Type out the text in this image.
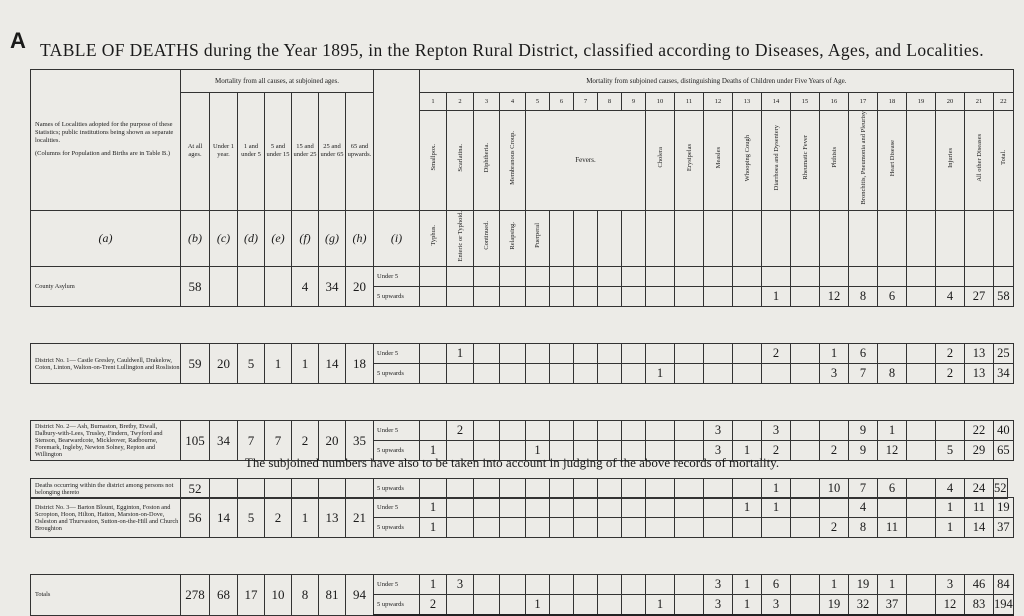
A TABLE OF DEATHS during the Year 1895, in the Repton Rural District, classified according to Diseases, Ages, and Localities.
Names of Localities adopted for the purpose of these Statistics; public institutions being shown as separate localities.
(Columns for Population and Births are in Table B.)	Mortality from all causes, at subjoined ages.								Mortality from subjoined causes, distinguishing Deaths of Children under Five Years of Age.																					
	At all ages.	Under 1 year.	1 and under 5	5 and under 15	15 and under 25	25 and under 65	65 and upwards.		1	2	3	4	5	6	7	8	9	10	11	12	13	14	15	16	17	18	19	20	21	22
									Smallpox.	Scarlatina.	Diphtheria.	Membranous Croup.	Fevers.					Cholera	Erysipelas	Measles	Whooping Cough	Diarrhoea and Dysentery	Rheumatic Fever	Phthisis	Bronchitis, Pneumonia and Pleurisy	Heart Disease		Injuries	All other Diseases	Total.
(a)	(b)	(c)	(d)	(e)	(f)	(g)	(h)	(i)	Typhus.	Enteric or Typhoid.	Continued.	Relapsing.	Puerperal																	
County Asylum	58				4	34	20	Under 5																						
								5 upwards														1		12	8	6		4	27	58

District No. 1— Castle Gresley, Cauldwell, Drakelow, Coton, Linton, Walton-on-Trent Lullington and Rosliston	59	20	5	1	1	14	18	Under 5		1												2		1	6			2	13	25
								5 upwards										1						3	7	8		2	13	34

District No. 2— Ash, Burnaston, Bretby, Etwall, Dalbury-with-Lees, Trusley, Findern, Twyford and Stenson, Bearwardcote, Mickleover, Radbourne, Foremark, Ingleby, Newton Solney, Repton and Willington	105	34	7	7	2	20	35	Under 5		2										3		3			9	1			22	40
								5 upwards	1				1							3	1	2		2	9	12		5	29	65

District No. 3— Barton Blount, Egginton, Foston and Scropton, Hoon, Hilton, Hatton, Marston-on-Dove, Osleston and Thurvaston, Sutton-on-the-Hill and Church Broughton	56	14	5	2	1	13	21	Under 5	1												1	1			4			1	11	19
								5 upwards	1															2	8	11		1	14	37

Totals	278	68	17	10	8	81	94	Under 5	1	3										3	1	6		1	19	1		3	46	84
								5 upwards	2				1					1		3	1	3		19	32	37		12	83	194
The subjoined numbers have also to be taken into account in judging of the above records of mortality.
Deaths occurring within the district among persons not belonging thereto	52							5 upwards														1		10	7	6		4	24	52
